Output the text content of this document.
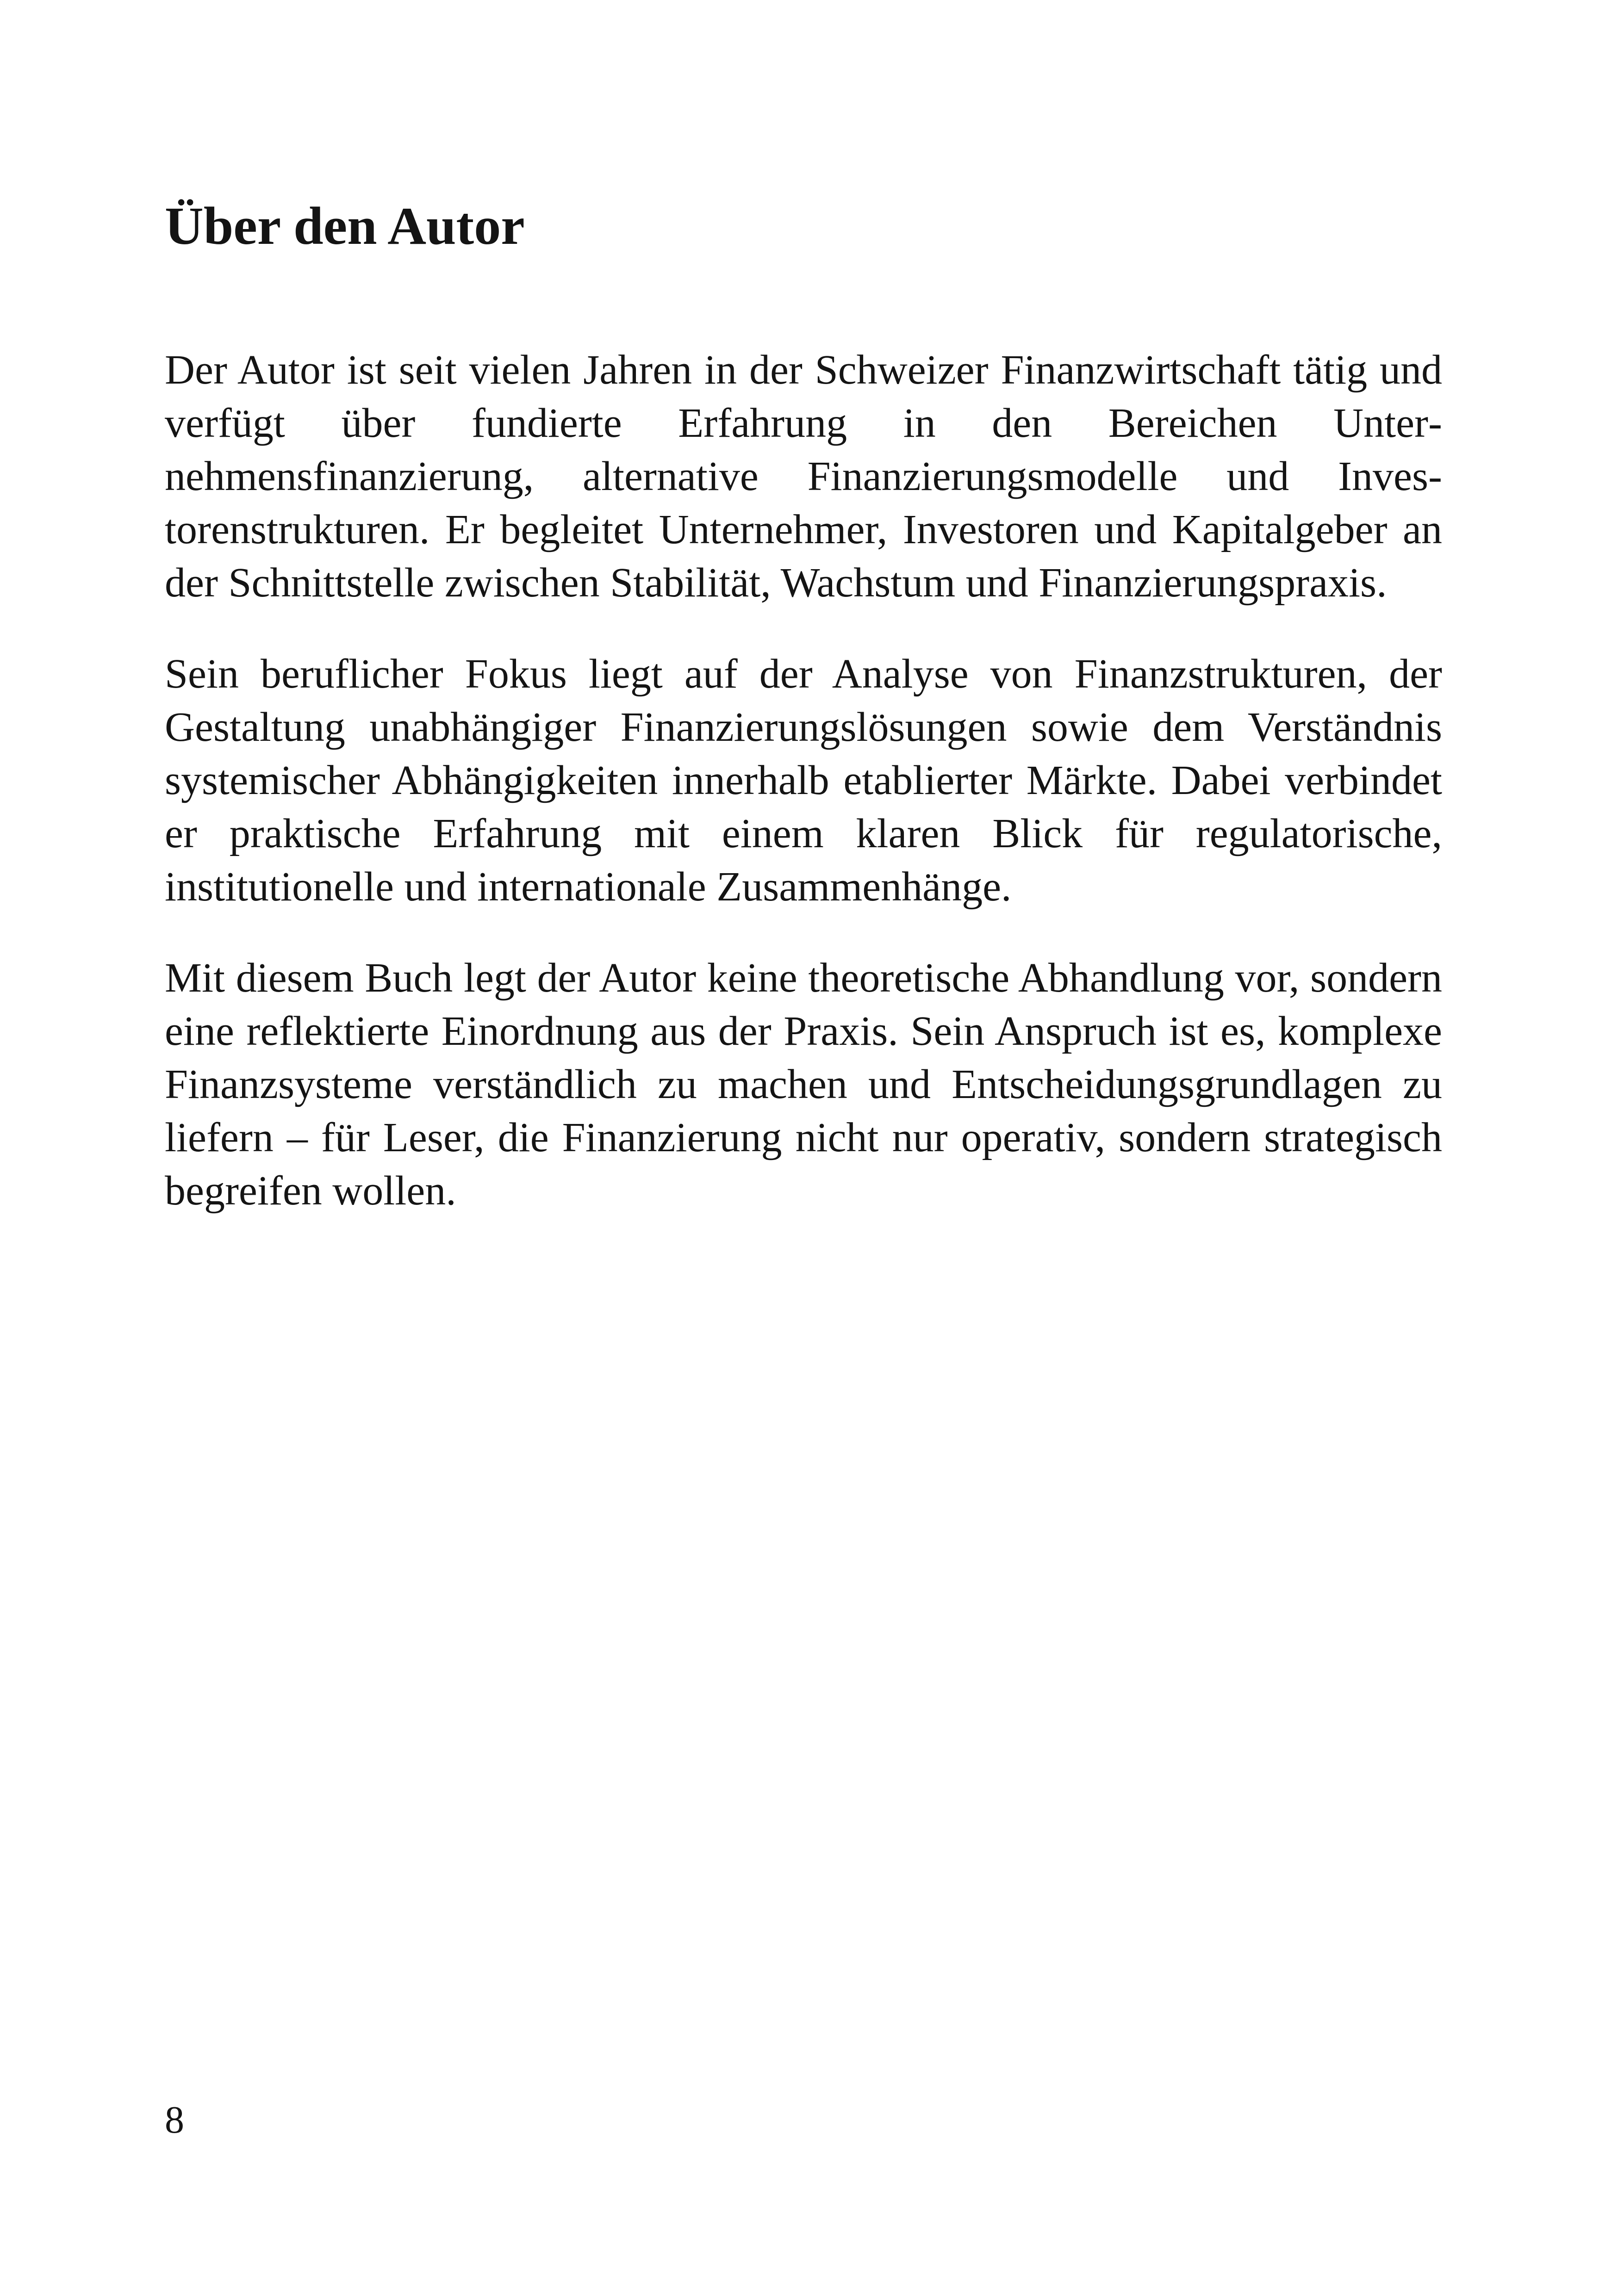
Über den Autor

Der Autor ist seit vielen Jahren in der Schweizer Finanzwirtschaft tätig und verfügt über fundierte Erfahrung in den Bereichen Unternehmensfinanzierung, alternative Finanzierungsmodelle und Investorenstrukturen. Er begleitet Unternehmer, Investoren und Kapitalgeber an der Schnittstelle zwischen Stabilität, Wachstum und Finanzierungspraxis.

Sein beruflicher Fokus liegt auf der Analyse von Finanzstrukturen, der Gestaltung unabhängiger Finanzierungslösungen sowie dem Verständnis systemischer Abhängigkeiten innerhalb etablierter Märkte. Dabei verbindet er praktische Erfahrung mit einem klaren Blick für regulatorische, institutionelle und internationale Zusammenhänge.

Mit diesem Buch legt der Autor keine theoretische Abhandlung vor, sondern eine reflektierte Einordnung aus der Praxis. Sein Anspruch ist es, komplexe Finanzsysteme verständlich zu machen und Entscheidungsgrundlagen zu liefern – für Leser, die Finanzierung nicht nur operativ, sondern strategisch begreifen wollen.

8
